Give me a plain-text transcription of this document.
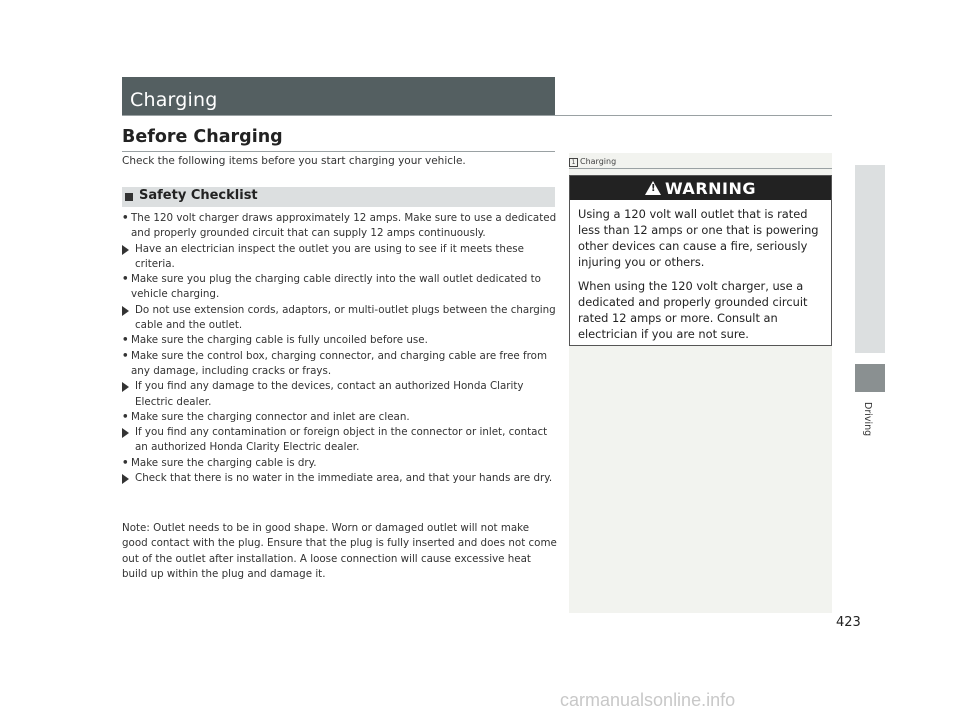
Charging
Before Charging
Check the following items before you start charging your vehicle.
Safety Checklist
• The 120 volt charger draws approximately 12 amps. Make sure to use a dedicated and properly grounded circuit that can supply 12 amps continuously.
Have an electrician inspect the outlet you are using to see if it meets these criteria.
• Make sure you plug the charging cable directly into the wall outlet dedicated to vehicle charging.
Do not use extension cords, adaptors, or multi-outlet plugs between the charging cable and the outlet.
• Make sure the charging cable is fully uncoiled before use.
• Make sure the control box, charging connector, and charging cable are free from any damage, including cracks or frays.
If you find any damage to the devices, contact an authorized Honda Clarity Electric dealer.
• Make sure the charging connector and inlet are clean.
If you find any contamination or foreign object in the connector or inlet, contact an authorized Honda Clarity Electric dealer.
• Make sure the charging cable is dry.
Check that there is no water in the immediate area, and that your hands are dry.
Note: Outlet needs to be in good shape. Worn or damaged outlet will not make good contact with the plug. Ensure that the plug is fully inserted and does not come out of the outlet after installation. A loose connection will cause excessive heat build up within the plug and damage it.
1 Charging
!WARNING

Using a 120 volt wall outlet that is rated less than 12 amps or one that is powering other devices can cause a fire, seriously injuring you or others.

When using the 120 volt charger, use a dedicated and properly grounded circuit rated 12 amps or more. Consult an electrician if you are not sure.

Driving
423
carmanualsonline.info
